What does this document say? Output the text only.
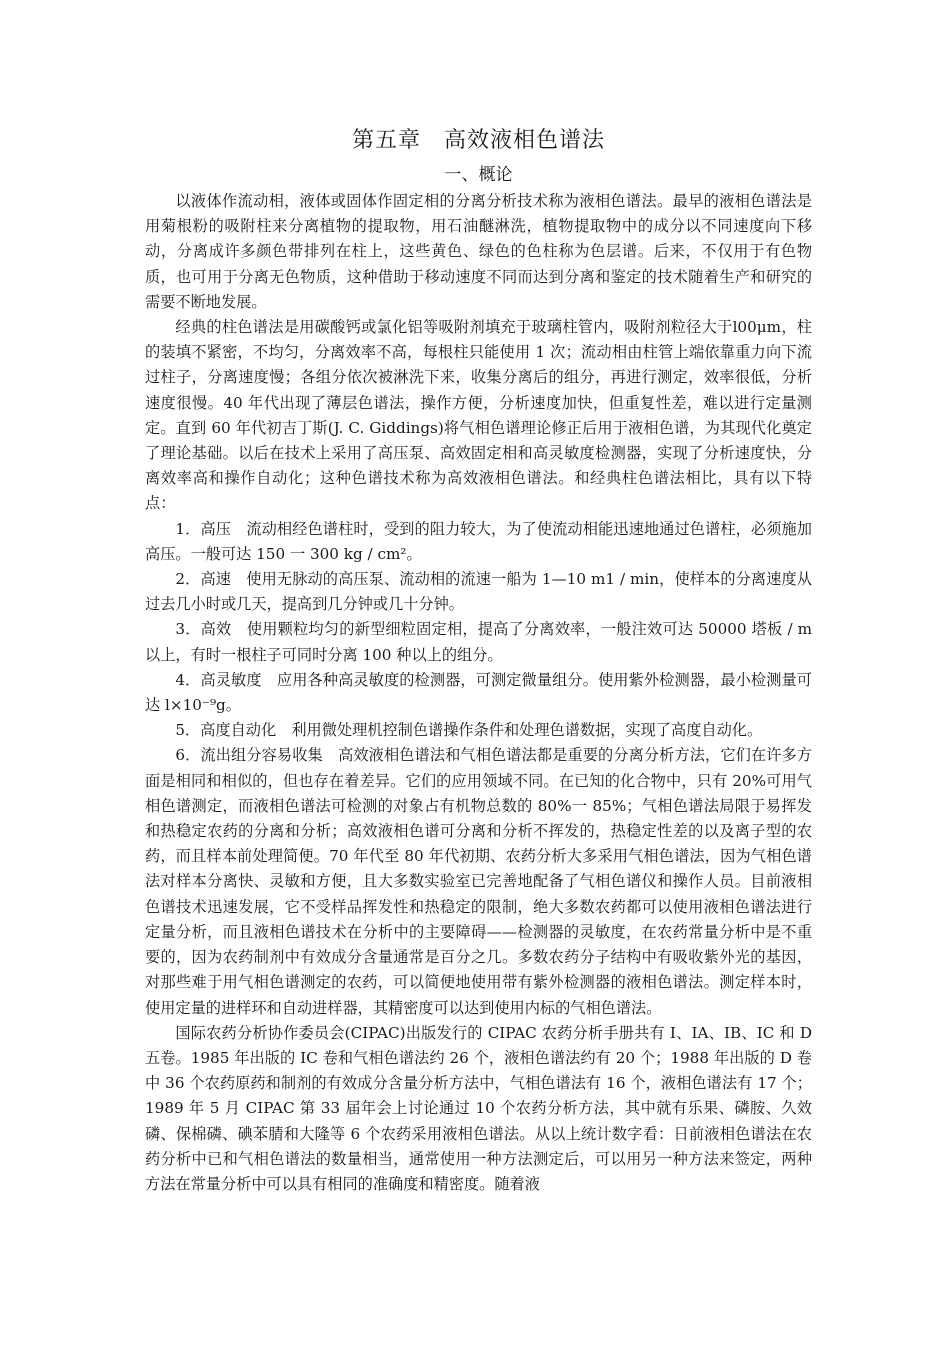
第五章　高效液相色谱法
一、概论

以液体作流动相，液体或固体作固定相的分离分析技术称为液相色谱法。最早的液相色谱法是用菊根粉的吸附柱来分离植物的提取物，用石油醚淋洗，植物提取物中的成分以不同速度向下移动，分离成许多颜色带排列在柱上，这些黄色、绿色的色柱称为色层谱。后来，不仅用于有色物质，也可用于分离无色物质，这种借助于移动速度不同而达到分离和鉴定的技术随着生产和研究的需要不断地发展。

经典的柱色谱法是用碳酸钙或氯化铝等吸附剂填充于玻璃柱管内，吸附剂粒径大于l00μm，柱的装填不紧密，不均匀，分离效率不高，每根柱只能使用 1 次；流动相由柱管上端依靠重力向下流过柱子，分离速度慢；各组分依次被淋洗下来，收集分离后的组分，再进行测定，效率很低，分析速度很慢。40 年代出现了薄层色谱法，操作方便，分析速度加快，但重复性差，难以进行定量测定。直到 60 年代初吉丁斯(J. C. Giddings)将气相色谱理论修正后用于液相色谱，为其现代化奠定了理论基础。以后在技术上采用了高压泵、高效固定相和高灵敏度检测器，实现了分析速度快，分离效率高和操作自动化；这种色谱技术称为高效液相色谱法。和经典柱色谱法相比，具有以下特点：

1．高压　流动相经色谱柱时，受到的阻力较大，为了使流动相能迅速地通过色谱柱，必须施加高压。一般可达 150 一 300 kg / cm²。

2．高速　使用无脉动的高压泵、流动相的流速一船为 1—10 m1 / min，使样本的分离速度从过去几小时或几天，提高到几分钟或几十分钟。

3．高效　使用颗粒均匀的新型细粒固定相，提高了分离效率，一般注效可达 50000 塔板 / m 以上，有时一根柱子可同时分离 100 种以上的组分。

4．高灵敏度　应用各种高灵敏度的检测器，可测定微量组分。使用紫外检测器，最小检测量可达 l×10⁻⁹g。

5．高度自动化　利用微处理机控制色谱操作条件和处理色谱数据，实现了高度自动化。

6．流出组分容易收集　高效液相色谱法和气相色谱法都是重要的分离分析方法，它们在许多方面是相同和相似的，但也存在着差异。它们的应用领域不同。在已知的化合物中，只有 20%可用气相色谱测定，而液相色谱法可检测的对象占有机物总数的 80%一 85%；气相色谱法局限于易挥发和热稳定农药的分离和分析；高效液相色谱可分离和分析不挥发的，热稳定性差的以及离子型的农药，而且样本前处理简便。70 年代至 80 年代初期、农药分析大多采用气相色谱法，因为气相色谱法对样本分离快、灵敏和方便，且大多数实验室已完善地配备了气相色谱仪和操作人员。目前液相色谱技术迅速发展，它不受样品挥发性和热稳定的限制，绝大多数农药都可以使用液相色谱法进行定量分析，而且液相色谱技术在分析中的主要障碍——检测器的灵敏度，在农药常量分析中是不重要的，因为农药制剂中有效成分含量通常是百分之几。多数农药分子结构中有吸收紫外光的基因，对那些难于用气相色谱测定的农药，可以简便地使用带有紫外检测器的液相色谱法。测定样本时，使用定量的进样环和自动进样器，其精密度可以达到使用内标的气相色谱法。

国际农药分析协作委员会(CIPAC)出版发行的 CIPAC 农药分析手册共有 I、IA、IB、IC 和 D 五卷。1985 年出版的 IC 卷和气相色谱法约 26 个，液相色谱法约有 20 个；1988 年出版的 D 卷中 36 个农药原药和制剂的有效成分含量分析方法中，气相色谱法有 16 个，液相色谱法有 17 个；1989 年 5 月 CIPAC 第 33 届年会上讨论通过 10 个农药分析方法，其中就有乐果、磷胺、久效磷、保棉磷、碘苯腈和大隆等 6 个农药采用液相色谱法。从以上统计数字看：日前液相色谱法在农药分析中已和气相色谱法的数量相当，通常使用一种方法测定后，可以用另一种方法来签定，两种方法在常量分析中可以具有相同的准确度和精密度。随着液
